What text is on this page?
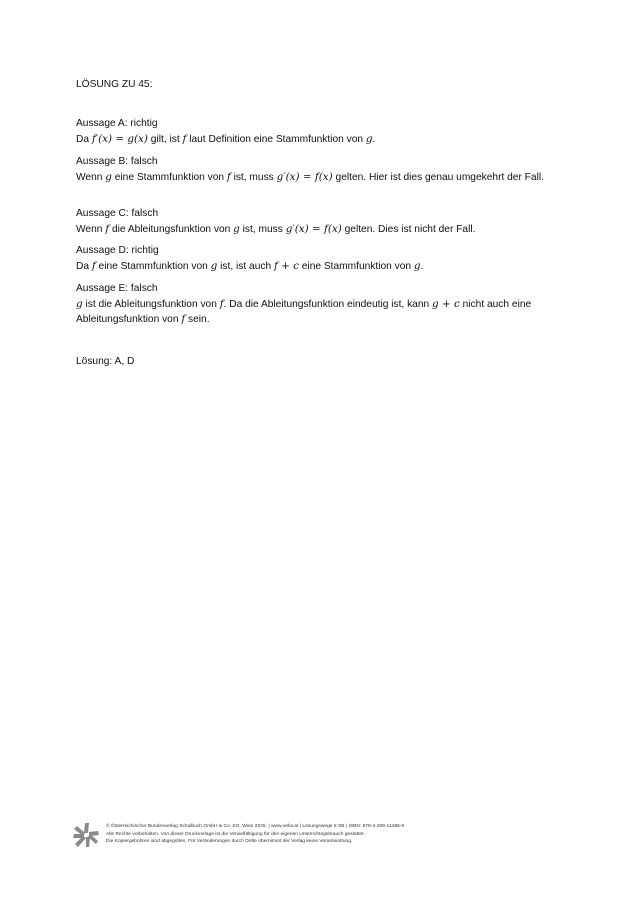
LÖSUNG ZU 45:
Aussage A: richtig
Da f′(x) = g(x) gilt, ist f laut Definition eine Stammfunktion von g.
Aussage B: falsch
Wenn g eine Stammfunktion von f ist, muss g′(x) = f(x) gelten. Hier ist dies genau umgekehrt der Fall.
Aussage C: falsch
Wenn f die Ableitungsfunktion von g ist, muss g′(x) = f(x) gelten. Dies ist nicht der Fall.
Aussage D: richtig
Da f eine Stammfunktion von g ist, ist auch f + c eine Stammfunktion von g.
Aussage E: falsch
g ist die Ableitungsfunktion von f. Da die Ableitungsfunktion eindeutig ist, kann g + c nicht auch eine Ableitungsfunktion von f sein.
Lösung: A, D
© Österreichischer Bundesverlag Schulbuch GmbH & Co. KG, Wien 2025. | www.oebv.at | Lösungswege 8 SB | ISBN: 978-3-209-11496-9
Alle Rechte vorbehalten. Von dieser Druckvorlage ist die Vervielfältigung für den eigenen Unterrichtsgebrauch gestattet.
Die Kopiergebühren sind abgegolten. Für Veränderungen durch Dritte übernimmt der Verlag keine Verantwortung.
